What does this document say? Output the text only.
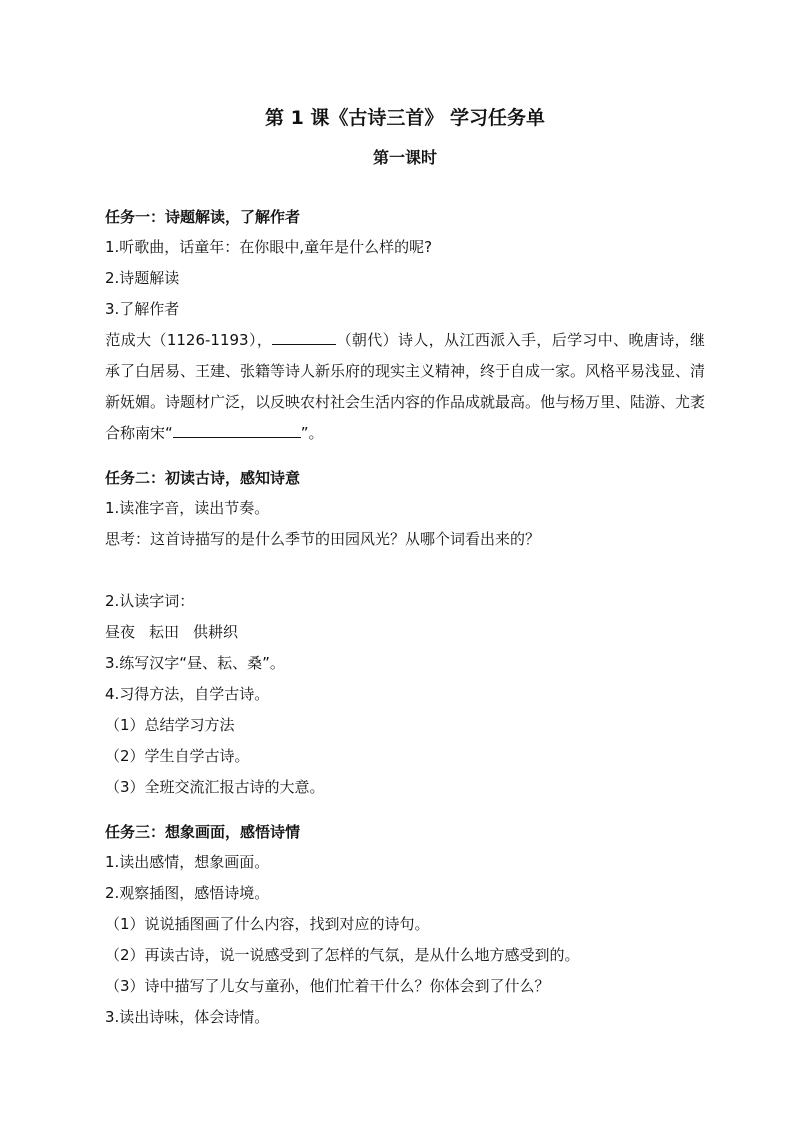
第 1 课《古诗三首》 学习任务单
第一课时
任务一：诗题解读，了解作者
1.听歌曲，话童年：在你眼中,童年是什么样的呢?
2.诗题解读
3.了解作者

范成大（1126-1193），	（朝代）诗人，从江西派入手，后学习中、晚唐诗，继承了白居易、王建、张籍等诗人新乐府的现实主义精神，终于自成一家。风格平易浅显、清新妩媚。诗题材广泛，以反映农村社会生活内容的作品成就最高。他与杨万里、陆游、尤袤合称南宋“	”。

任务二：初读古诗，感知诗意
1.读准字音，读出节奏。
思考：这首诗描写的是什么季节的田园风光？从哪个词看出来的？
2.认读字词：
昼夜 耘田 供耕织
3.练写汉字“昼、耘、桑”。
4.习得方法，自学古诗。
（1）总结学习方法
（2）学生自学古诗。
（3）全班交流汇报古诗的大意。
任务三：想象画面，感悟诗情
1.读出感情，想象画面。
2.观察插图，感悟诗境。
（1）说说插图画了什么内容，找到对应的诗句。
（2）再读古诗，说一说感受到了怎样的气氛，是从什么地方感受到的。
（3）诗中描写了儿女与童孙，他们忙着干什么？你体会到了什么？
3.读出诗味，体会诗情。
